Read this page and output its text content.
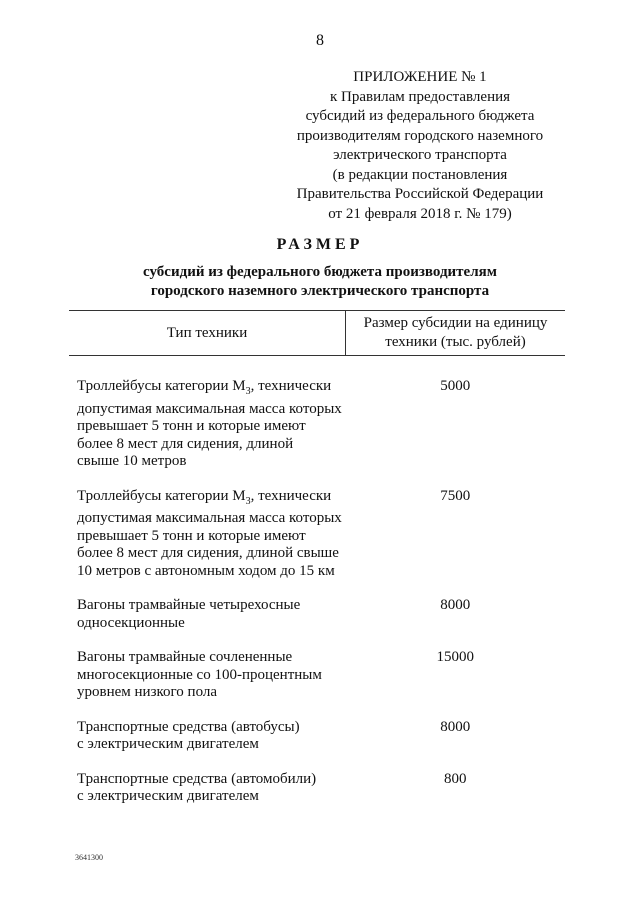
8
ПРИЛОЖЕНИЕ № 1
к Правилам предоставления
субсидий из федерального бюджета
производителям городского наземного
электрического транспорта
(в редакции постановления
Правительства Российской Федерации
от 21 февраля 2018 г. № 179)
РАЗМЕР
субсидий из федерального бюджета производителям
городского наземного электрического транспорта
Тип техники	Размер субсидии на единицу
техники (тыс. рублей)

Троллейбусы категории $M_3$, технически
допустимая максимальная масса которых
превышает 5 тонн и которые имеют
более 8 мест для сидения, длиной
свыше 10 метров	5000

Троллейбусы категории $M_3$, технически
допустимая максимальная масса которых
превышает 5 тонн и которые имеют
более 8 мест для сидения, длиной свыше
10 метров с автономным ходом до 15 км	7500

Вагоны трамвайные четырехосные
односекционные	8000

Вагоны трамвайные сочлененные
многосекционные со 100-процентным
уровнем низкого пола	15000

Транспортные средства (автобусы)
с электрическим двигателем	8000

Транспортные средства (автомобили)
с электрическим двигателем	800
3641300
